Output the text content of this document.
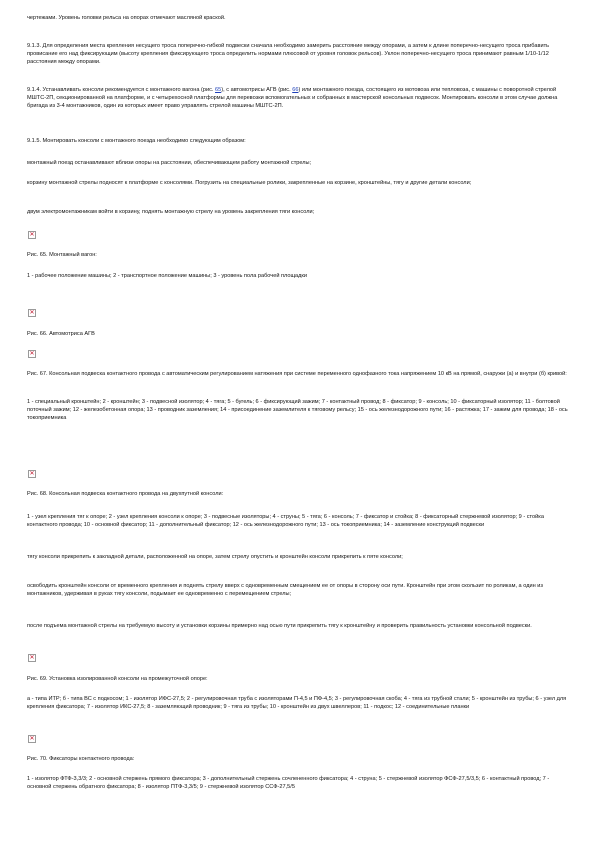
чертежами. Уровень головки рельса на опорах отмечают масляной краской.

9.1.3. Для определения места крепления несущего троса поперечно-гибкой подвески сначала необходимо замерить расстояние между опорами, а затем к длине поперечно-несущего троса прибавить провисание его над фиксирующим (высоту крепления фиксирующего троса определить нормами плюсовой от уровня головок рельсов). Уклон поперечно-несущего троса принимают равным 1/10-1/12 расстояния между опорами.

9.1.4. Устанавливать консоли рекомендуется с монтажного вагона (рис. 65), с автомотрисы АГВ (рис. 66) или монтажного поезда, состоящего из мотовоза или тепловоза, с машины с поворотной стрелой МШТС-2П, секционированной на платформе, и с четырехосной платформы для перевозки вспомогательных и собранных в мастерской консольных подвесок. Монтировать консоли в этом случае должна бригада из 3-4 монтажников, один из которых имеет право управлять стрелой машины МШТС-2П.

9.1.5. Монтировать консоли с монтажного поезда необходимо следующим образом:

монтажный поезд останавливают вблизи опоры на расстоянии, обеспечивающем работу монтажной стрелы;

корзину монтажной стрелы подносят к платформе с консолями. Погрузить на специальные ролики, закрепленные на корзине, кронштейны, тягу и другие детали консоли;

двум электромонтажникам войти в корзину, поднять монтажную стрелу на уровень закрепления тяги консоли;

✕

Рис. 65. Монтажный вагон:

1 - рабочее положение машины; 2 - транспортное положение машины; 3 - уровень пола рабочей площадки

✕

Рис. 66. Автомотриса АГВ

✕

Рис. 67. Консольная подвеска контактного провода с автоматическим регулированием натяжения при системе переменного однофазного тока напряжением 10 кВ на прямой, снаружи (а) и внутри (б) кривой:

1 - специальный кронштейн; 2 - кронштейн; 3 - подвесной изолятор; 4 - тяга; 5 - бугель; 6 - фиксирующий зажим; 7 - контактный провод; 8 - фиксатор; 9 - консоль; 10 - фиксаторный изолятор; 11 - болтовой поточный зажим; 12 - железобетонная опора; 13 - проводник заземления; 14 - присоединение заземлителя к тяговому рельсу; 15 - ось железнодорожного пути; 16 - растяжка; 17 - зажим для провода; 18 - ось токоприемника

✕

Рис. 68. Консольная подвеска контактного провода на двухпутной консоли:

1 - узел крепления тяг к опоре; 2 - узел крепления консоли к опоре; 3 - подвесные изоляторы; 4 - струны; 5 - тяга; 6 - консоль; 7 - фиксатор и стойка; 8 - фиксаторный стержневой изолятор; 9 - стойка контактного провода; 10 - основной фиксатор; 11 - дополнительный фиксатор; 12 - ось железнодорожного пути; 13 - ось токоприемника; 14 - заземление конструкций подвески

тягу консоли прикрепить к закладной детали, расположенной на опоре, затем стрелу опустить и кронштейн консоли прикрепить к пяте консоли;

освободить кронштейн консоли от временного крепления и поднять стрелу вверх с одновременным смещением ее от опоры в сторону оси пути. Кронштейн при этом скользит по роликам, а один из монтажников, удерживая в руках тягу консоли, подымает ее одновременно с перемещением стрелы;

после подъема монтажной стрелы на требуемую высоту и установки корзины примерно над осью пути прикрепить тягу к кронштейну и проверить правильность установки консольной подвески.

✕

Рис. 69. Установка изолированной консоли на промежуточной опоре:

а - типа ИТР; б - типа ВС с подкосом; 1 - изолятор ИФС-27,5; 2 - регулировочная труба с изоляторами П-4,5 и ПФ-4,5; 3 - регулировочная скоба; 4 - тяга из трубной стали; 5 - кронштейн из трубы; 6 - узел для крепления фиксатора; 7 - изолятор ИКС-27,5; 8 - заземляющий проводник; 9 - тяга из трубы; 10 - кронштейн из двух швеллеров; 11 - подкос; 12 - соединительные планки

✕

Рис. 70. Фиксаторы контактного провода:

1 - изолятор ФТФ-3,3/3; 2 - основной стержень прямого фиксатора; 3 - дополнительный стержень сочлененного фиксатора; 4 - струна; 5 - стержневой изолятор ФСФ-27,5/3,5; 6 - контактный провод; 7 - основной стержень обратного фиксатора; 8 - изолятор ПТФ-3,3/5; 9 - стержневой изолятор ССФ-27,5/5
